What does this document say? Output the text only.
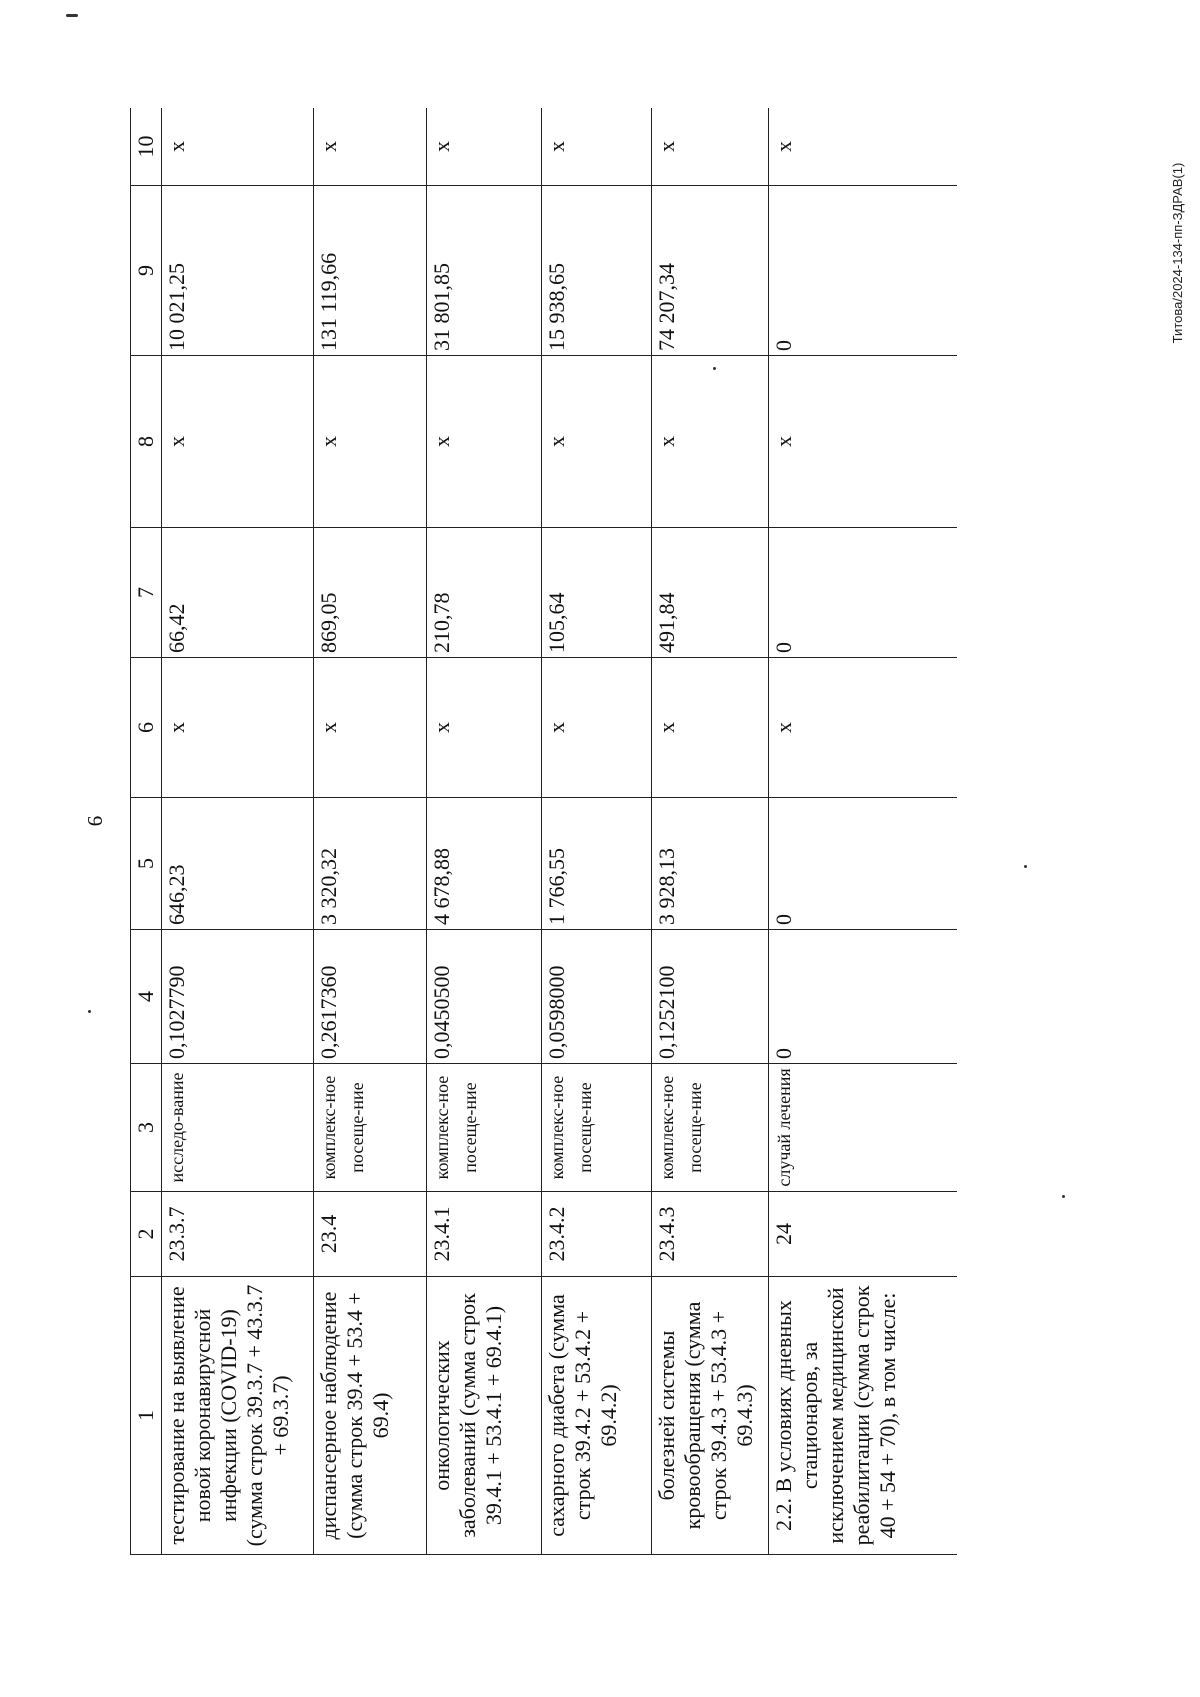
9
Титова/2024-134-пп-ЗДРАВ(1)
1	2	3	4	5	6	7	8	9	10
тестирование на выявление новой коронавирусной инфекции (COVID-19) (сумма строк 39.3.7 + 43.3.7 + 69.3.7)	23.3.7	исследо-вание	0,1027790	646,23	x	66,42	x	10 021,25	x
диспансерное наблюдение (сумма строк 39.4 + 53.4 + 69.4)	23.4	комплекс-ное посеще-ние	0,2617360	3 320,32	x	869,05	x	131 119,66	x
онкологических заболеваний (сумма строк 39.4.1 + 53.4.1 + 69.4.1)	23.4.1	комплекс-ное посеще-ние	0,0450500	4 678,88	x	210,78	x	31 801,85	x
сахарного диабета (сумма строк 39.4.2 + 53.4.2 + 69.4.2)	23.4.2	комплекс-ное посеще-ние	0,0598000	1 766,55	x	105,64	x	15 938,65	x
болезней системы кровообращения (сумма строк 39.4.3 + 53.4.3 + 69.4.3)	23.4.3	комплекс-ное посеще-ние	0,1252100	3 928,13	x	491,84	x	74 207,34	x
2.2. В условиях дневных стационаров, за исключением медицинской реабилитации (сумма строк 40 + 54 + 70), в том числе:	24	случай лечения	0	0	x	0	x	0	x
